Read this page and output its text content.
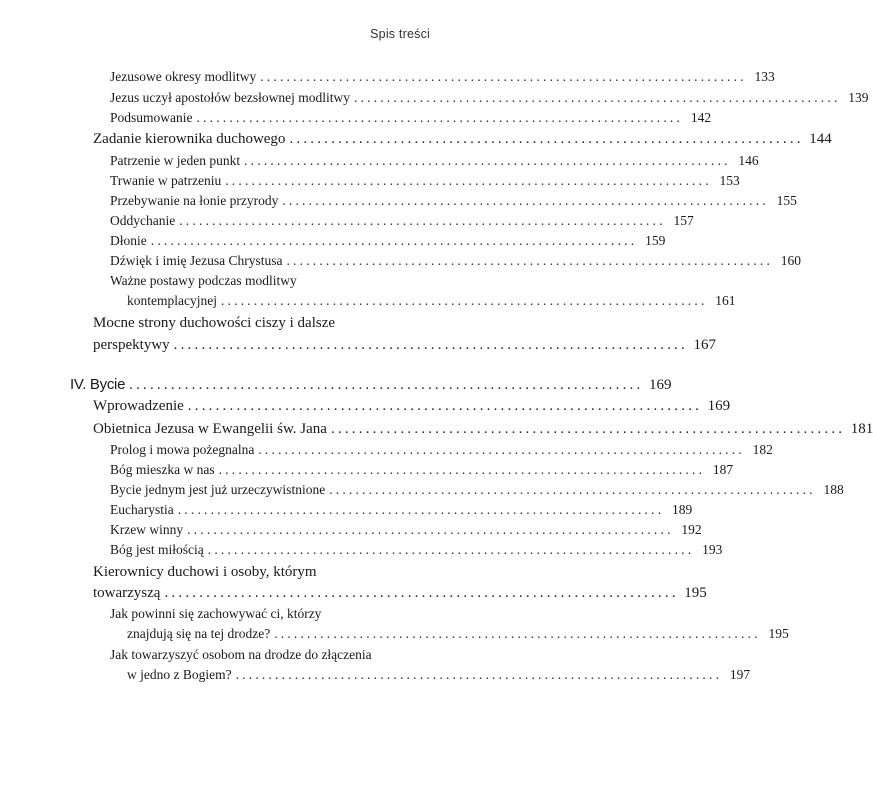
Spis treści
Jezusowe okresy modlitwy .......................................................................... 133
Jezus uczył apostołów bezsłownej modlitwy .......................................................................... 139
Podsumowanie .......................................................................... 142
Zadanie kierownika duchowego .......................................................................... 144
Patrzenie w jeden punkt .......................................................................... 146
Trwanie w patrzeniu .......................................................................... 153
Przebywanie na łonie przyrody .......................................................................... 155
Oddychanie .......................................................................... 157
Dłonie .......................................................................... 159
Dźwięk i imię Jezusa Chrystusa .......................................................................... 160
Ważne postawy podczas modlitwy
kontemplacyjnej .......................................................................... 161
Mocne strony duchowości ciszy i dalsze
perspektywy .......................................................................... 167
IV. Bycie .......................................................................... 169
Wprowadzenie .......................................................................... 169
Obietnica Jezusa w Ewangelii św. Jana .......................................................................... 181
Prolog i mowa pożegnalna .......................................................................... 182
Bóg mieszka w nas .......................................................................... 187
Bycie jednym jest już urzeczywistnione .......................................................................... 188
Eucharystia .......................................................................... 189
Krzew winny .......................................................................... 192
Bóg jest miłością .......................................................................... 193
Kierownicy duchowi i osoby, którym
towarzyszą .......................................................................... 195
Jak powinni się zachowywać ci, którzy
znajdują się na tej drodze? .......................................................................... 195
Jak towarzyszyć osobom na drodze do złączenia
w jedno z Bogiem? .......................................................................... 197
